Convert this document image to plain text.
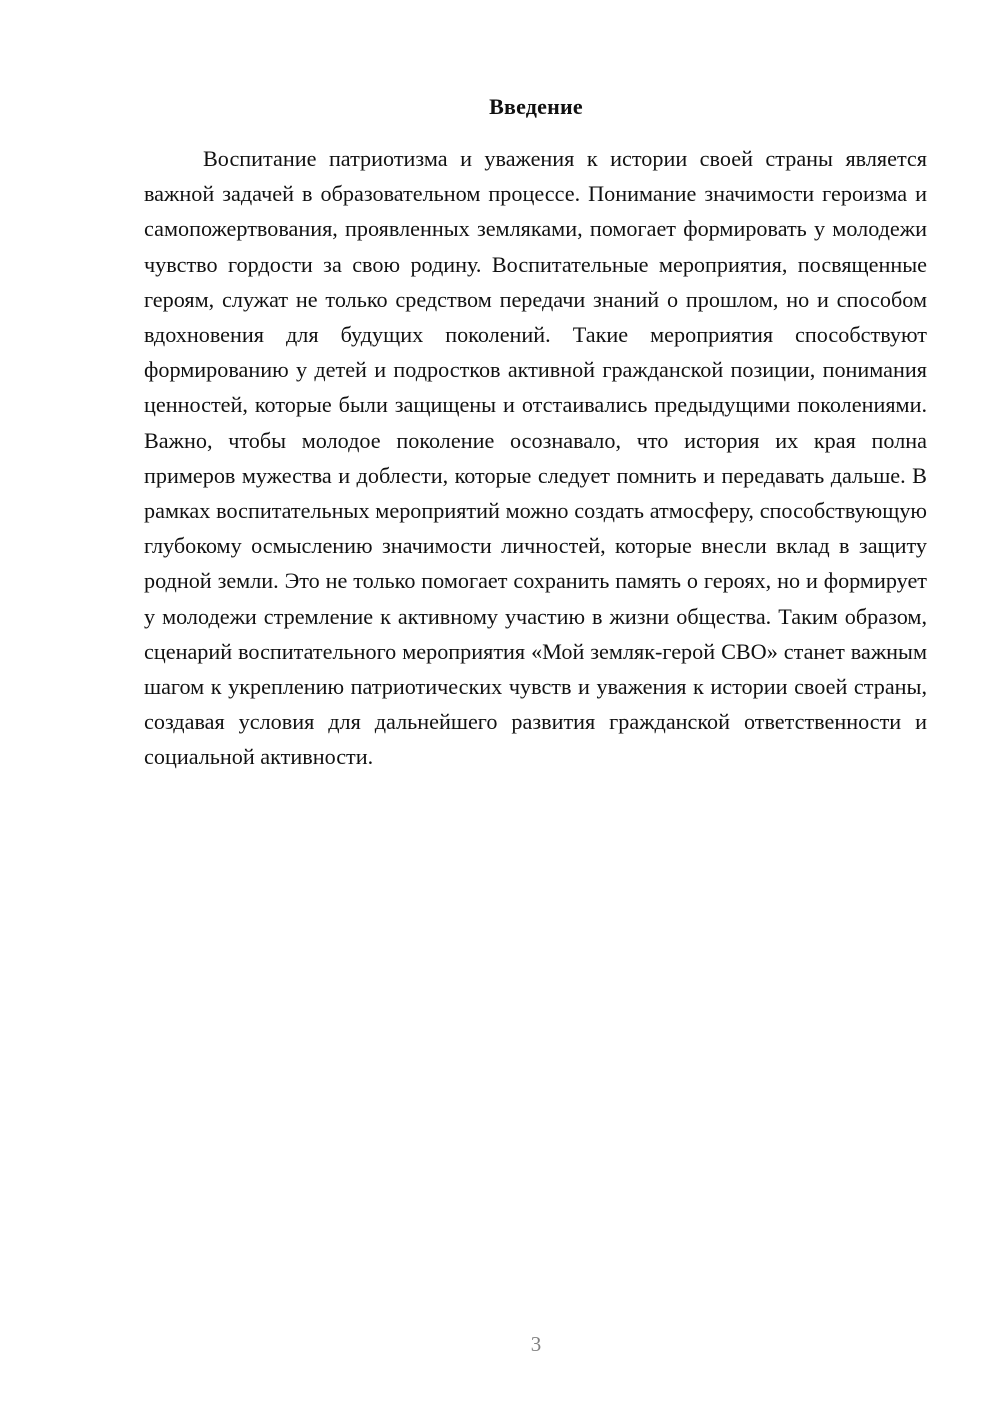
Введение

Воспитание патриотизма и уважения к истории своей страны является важной задачей в образовательном процессе. Понимание значимости героизма и самопожертвования, проявленных земляками, помогает формировать у молодежи чувство гордости за свою родину. Воспитательные мероприятия, посвященные героям, служат не только средством передачи знаний о прошлом, но и способом вдохновения для будущих поколений. Такие мероприятия способствуют формированию у детей и подростков активной гражданской позиции, понимания ценностей, которые были защищены и отстаивались предыдущими поколениями. Важно, чтобы молодое поколение осознавало, что история их края полна примеров мужества и доблести, которые следует помнить и передавать дальше. В рамках воспитательных мероприятий можно создать атмосферу, способствующую глубокому осмыслению значимости личностей, которые внесли вклад в защиту родной земли. Это не только помогает сохранить память о героях, но и формирует у молодежи стремление к активному участию в жизни общества. Таким образом, сценарий воспитательного мероприятия «Мой земляк-герой СВО» станет важным шагом к укреплению патриотических чувств и уважения к истории своей страны, создавая условия для дальнейшего развития гражданской ответственности и социальной активности.

3
